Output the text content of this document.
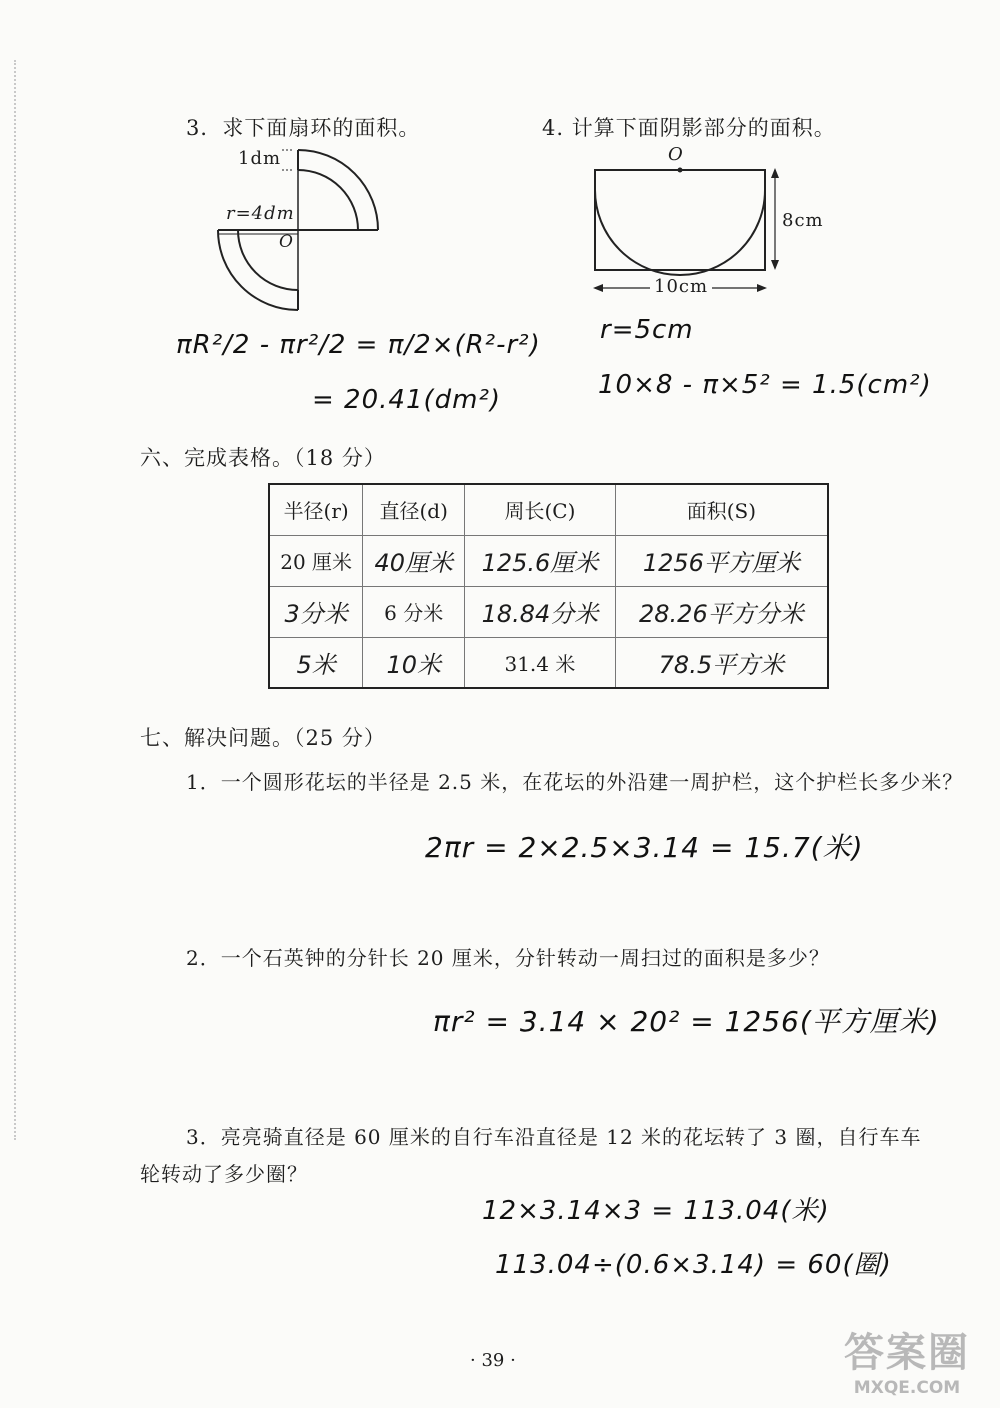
3．求下面扇环的面积。
1dm
r=4dm
O
πR²/2 - πr²/2 = π/2×(R²-r²)
= 20.41(dm²)
4. 计算下面阴影部分的面积。
O
8cm
10cm
r=5cm
10×8 - π×5² = 1.5(cm²)
六、完成表格。（18 分）
半径(r)	直径(d)	周长(C)	面积(S)
20 厘米	40厘米	125.6厘米	1256平方厘米
3分米	6 分米	18.84分米	28.26平方分米
5米	10米	31.4 米	78.5平方米
七、解决问题。（25 分）
1．一个圆形花坛的半径是 2.5 米，在花坛的外沿建一周护栏，这个护栏长多少米？
2πr = 2×2.5×3.14 = 15.7(米)
2．一个石英钟的分针长 20 厘米，分针转动一周扫过的面积是多少？
πr² = 3.14 × 20² = 1256(平方厘米)
3．亮亮骑直径是 60 厘米的自行车沿直径是 12 米的花坛转了 3 圈，自行车车
轮转动了多少圈？
12×3.14×3 = 113.04(米)
113.04÷(0.6×3.14) = 60(圈)
· 39 ·	答案圈
MXQE.COM
